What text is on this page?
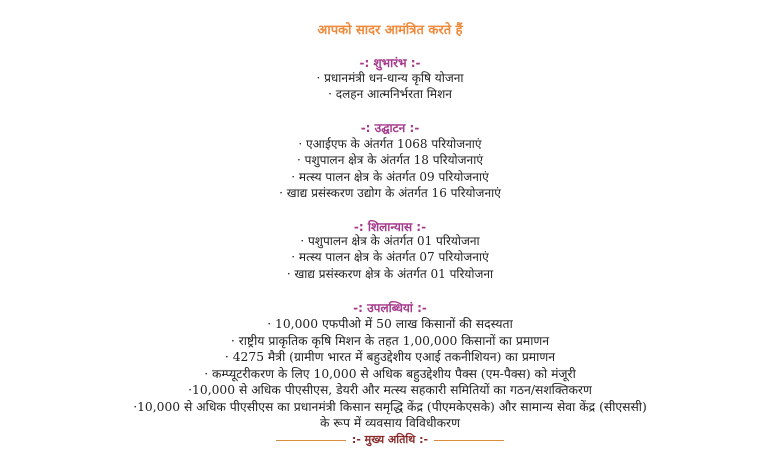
आपको सादर आमंत्रित करते हैं
-: शुभारंभ :-
· प्रधानमंत्री धन-धान्य कृषि योजना
· दलहन आत्मनिर्भरता मिशन
-: उद्घाटन :-
· एआईएफ के अंतर्गत 1068 परियोजनाएं
· पशुपालन क्षेत्र के अंतर्गत 18 परियोजनाएं
· मत्स्य पालन क्षेत्र के अंतर्गत 09 परियोजनाएं
· खाद्य प्रसंस्करण उद्योग के अंतर्गत 16 परियोजनाएं
-: शिलान्यास :-
· पशुपालन क्षेत्र के अंतर्गत 01 परियोजना
· मत्स्य पालन क्षेत्र के अंतर्गत 07 परियोजनाएं
· खाद्य प्रसंस्करण क्षेत्र के अंतर्गत 01 परियोजना
-: उपलब्धियां :-
· 10,000 एफपीओ में 50 लाख किसानों की सदस्यता
· राष्ट्रीय प्राकृतिक कृषि मिशन के तहत 1,00,000 किसानों का प्रमाणन
· 4275 मैत्री (ग्रामीण भारत में बहुउद्देशीय एआई तकनीशियन) का प्रमाणन
· कम्प्यूटरीकरण के लिए 10,000 से अधिक बहुउद्देशीय पैक्स (एम-पैक्स) को मंजूरी
·10,000 से अधिक पीएसीएस, डेयरी और मत्स्य सहकारी समितियों का गठन/सशक्तिकरण
·10,000 से अधिक पीएसीएस का प्रधानमंत्री किसान समृद्धि केंद्र (पीएमकेएसके) और सामान्य सेवा केंद्र (सीएससी)
के रूप में व्यवसाय विविधीकरण
:- मुख्य अतिथि :-
